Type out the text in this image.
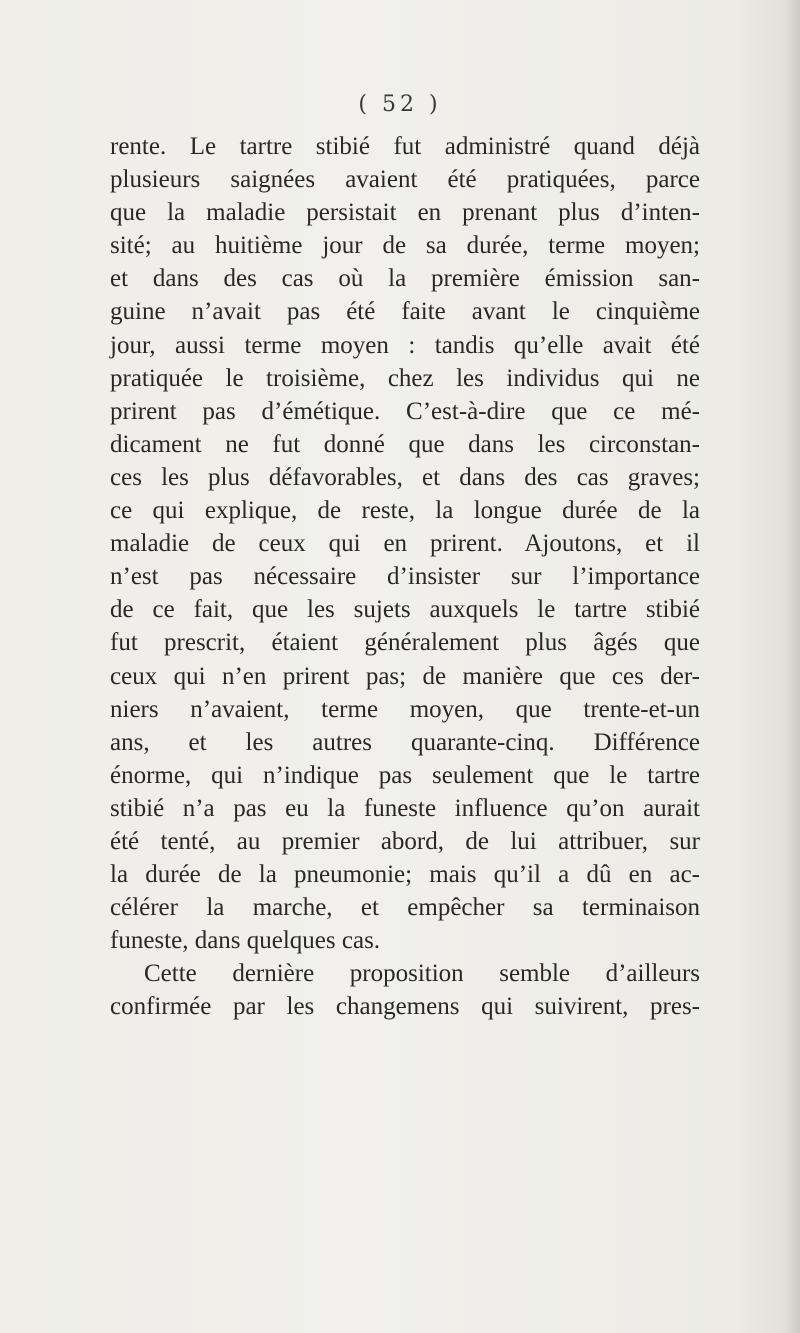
( 52 )
rente. Le tartre stibié fut administré quand déjà
plusieurs saignées avaient été pratiquées, parce
que la maladie persistait en prenant plus d’inten-
sité; au huitième jour de sa durée, terme moyen;
et dans des cas où la première émission san-
guine n’avait pas été faite avant le cinquième
jour, aussi terme moyen : tandis qu’elle avait été
pratiquée le troisième, chez les individus qui ne
prirent pas d’émétique. C’est-à-dire que ce mé-
dicament ne fut donné que dans les circonstan-
ces les plus défavorables, et dans des cas graves;
ce qui explique, de reste, la longue durée de la
maladie de ceux qui en prirent. Ajoutons, et il
n’est pas nécessaire d’insister sur l’importance
de ce fait, que les sujets auxquels le tartre stibié
fut prescrit, étaient généralement plus âgés que
ceux qui n’en prirent pas; de manière que ces der-
niers n’avaient, terme moyen, que trente-et-un
ans, et les autres quarante-cinq. Différence
énorme, qui n’indique pas seulement que le tartre
stibié n’a pas eu la funeste influence qu’on aurait
été tenté, au premier abord, de lui attribuer, sur
la durée de la pneumonie; mais qu’il a dû en ac-
célérer la marche, et empêcher sa terminaison
funeste, dans quelques cas.
Cette dernière proposition semble d’ailleurs
confirmée par les changemens qui suivirent, pres-
